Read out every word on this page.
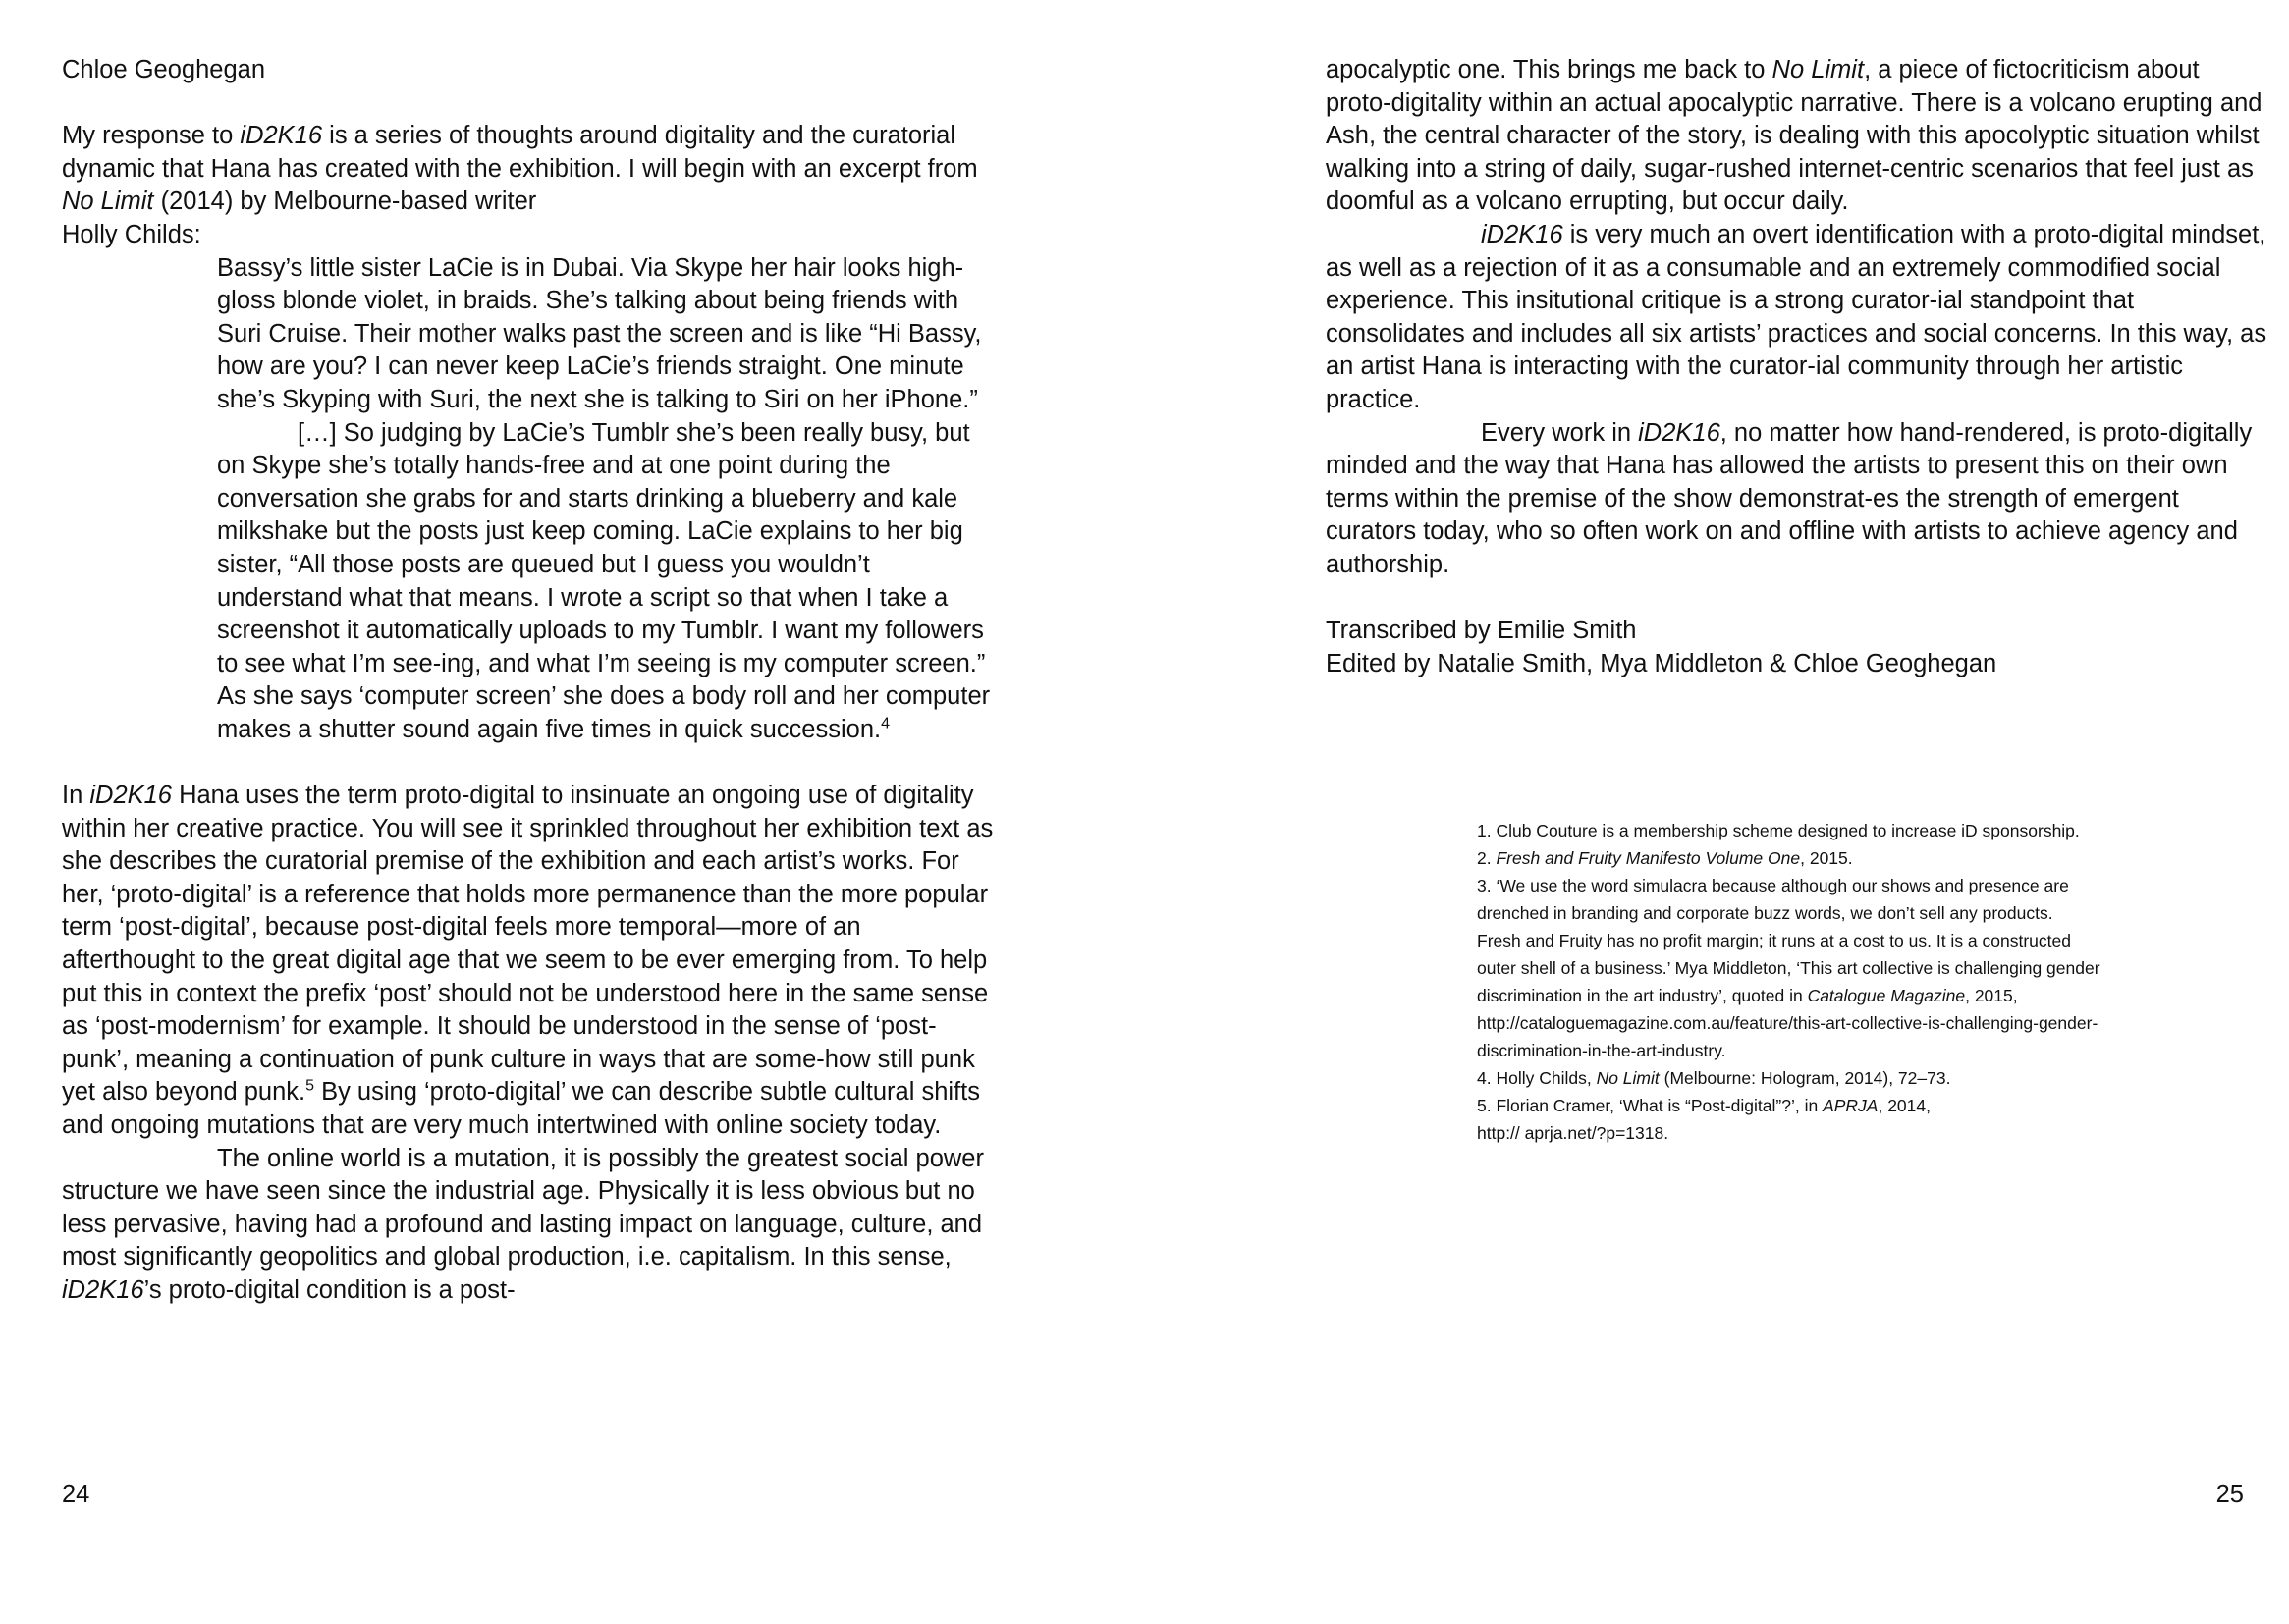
Chloe Geoghegan

My response to iD2K16 is a series of thoughts around digitality and the curatorial dynamic that Hana has created with the exhibition. I will begin with an excerpt from No Limit (2014) by Melbourne-based writer
Holly Childs:

Bassy’s little sister LaCie is in Dubai. Via Skype her hair looks high-gloss blonde violet, in braids. She’s talking about being friends with Suri Cruise. Their mother walks past the screen and is like “Hi Bassy, how are you? I can never keep LaCie’s friends straight. One minute she’s Skyping with Suri, the next she is talking to Siri on her iPhone.”

[…] So judging by LaCie’s Tumblr she’s been really busy, but on Skype she’s totally hands-free and at one point during the conversation she grabs for and starts drinking a blueberry and kale milkshake but the posts just keep coming. LaCie explains to her big sister, “All those posts are queued but I guess you wouldn’t understand what that means. I wrote a script so that when I take a screenshot it automatically uploads to my Tumblr. I want my followers to see what I’m see-ing, and what I’m seeing is my computer screen.” As she says ‘computer screen’ she does a body roll and her computer makes a shutter sound again five times in quick succession.$^4$

In iD2K16 Hana uses the term proto-digital to insinuate an ongoing use of digitality within her creative practice. You will see it sprinkled throughout her exhibition text as she describes the curatorial premise of the exhibition and each artist’s works. For her, ‘proto-digital’ is a reference that holds more permanence than the more popular term ‘post-digital’, because post-digital feels more temporal—more of an afterthought to the great digital age that we seem to be ever emerging from. To help put this in context the prefix ‘post’ should not be understood here in the same sense as ‘post-modernism’ for example. It should be understood in the sense of ‘post-punk’, meaning a continuation of punk culture in ways that are some-how still punk yet also beyond punk.$^5$ By using ‘proto-digital’ we can describe subtle cultural shifts and ongoing mutations that are very much intertwined with online society today.

The online world is a mutation, it is possibly the greatest social power structure we have seen since the industrial age. Physically it is less obvious but no less pervasive, having had a profound and lasting impact on language, culture, and most significantly geopolitics and global production, i.e. capitalism. In this sense, iD2K16’s proto-digital condition is a post-

24

apocalyptic one. This brings me back to No Limit, a piece of fictocriticism about proto-digitality within an actual apocalyptic narrative. There is a volcano erupting and Ash, the central character of the story, is dealing with this apocolyptic situation whilst walking into a string of daily, sugar-rushed internet-centric scenarios that feel just as doomful as a volcano errupting, but occur daily.

iD2K16 is very much an overt identification with a proto-digital mindset, as well as a rejection of it as a consumable and an extremely commodified social experience. This insitutional critique is a strong curator-ial standpoint that consolidates and includes all six artists’ practices and social concerns. In this way, as an artist Hana is interacting with the curator-ial community through her artistic practice.

Every work in iD2K16, no matter how hand-rendered, is proto-digitally minded and the way that Hana has allowed the artists to present this on their own terms within the premise of the show demonstrat-es the strength of emergent curators today, who so often work on and offline with artists to achieve agency and authorship.

Transcribed by Emilie Smith

Edited by Natalie Smith, Mya Middleton & Chloe Geoghegan

1. Club Couture is a membership scheme designed to increase iD sponsorship.
2. Fresh and Fruity Manifesto Volume One, 2015.
3. ‘We use the word simulacra because although our shows and presence are
drenched in branding and corporate buzz words, we don’t sell any products.
Fresh and Fruity has no profit margin; it runs at a cost to us. It is a constructed
outer shell of a business.’ Mya Middleton, ‘This art collective is challenging gender
discrimination in the art industry’, quoted in Catalogue Magazine, 2015,
http://cataloguemagazine.com.au/feature/this-art-collective-is-challenging-gender-
discrimination-in-the-art-industry.
4. Holly Childs, No Limit (Melbourne: Hologram, 2014), 72–73.
5. Florian Cramer, ‘What is “Post-digital”?’, in APRJA, 2014,
http:// aprja.net/?p=1318.
25
